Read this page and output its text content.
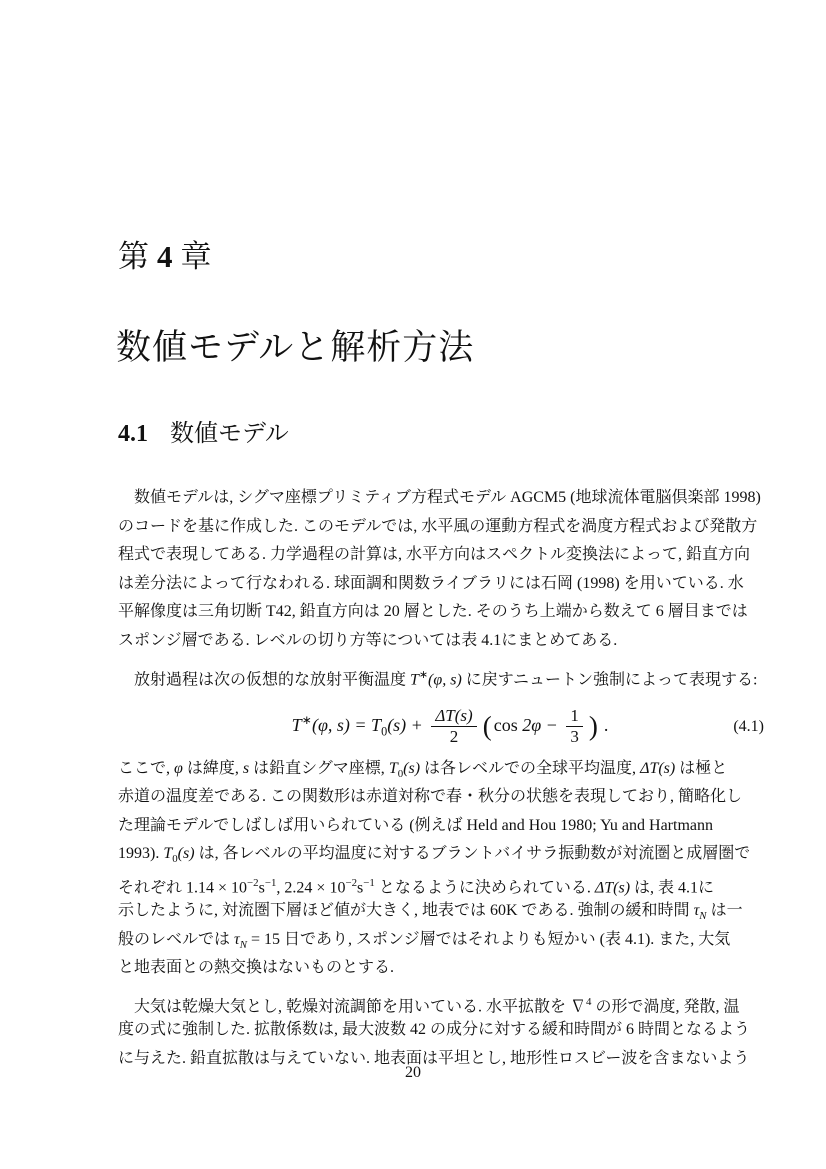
第 4 章
数値モデルと解析方法
4.1 数値モデル
数値モデルは, シグマ座標プリミティブ方程式モデル AGCM5 (地球流体電脳倶楽部 1998)
のコードを基に作成した. このモデルでは, 水平風の運動方程式を渦度方程式および発散方
程式で表現してある. 力学過程の計算は, 水平方向はスペクトル変換法によって, 鉛直方向
は差分法によって行なわれる. 球面調和関数ライブラリには石岡 (1998) を用いている. 水
平解像度は三角切断 T42, 鉛直方向は 20 層とした. そのうち上端から数えて 6 層目までは
スポンジ層である. レベルの切り方等については表 4.1にまとめてある.
放射過程は次の仮想的な放射平衡温度 T∗(φ, s) に戻すニュートン強制によって表現する:
T∗(φ, $s) = T_0(s) + \frac{\Delta T(s)}{2}$ ( $\cos 2\varphi - \frac{1}{3}$ ) .	(4.1)
ここで, φ は緯度, s は鉛直シグマ座標, $T_0(s)$ は各レベルでの全球平均温度, ΔT(s) は極と
赤道の温度差である. この関数形は赤道対称で春・秋分の状態を表現しており, 簡略化し
た理論モデルでしばしば用いられている (例えば Held and Hou 1980; Yu and Hartmann
1993). $T_0(s)$ は, 各レベルの平均温度に対するブラントバイサラ振動数が対流圏と成層圏で
それぞれ $1.14 \times 10^{-2}s^{-1}$, $2.24 \times 10^{-2}s^{-1}$ となるように決められている. ΔT(s) は, 表 4.1に
示したように, 対流圏下層ほど値が大きく, 地表では 60K である. 強制の緩和時間 $\tau_N$ は一
般のレベルでは $\tau_N = 15$ 日であり, スポンジ層ではそれよりも短かい (表 4.1). また, 大気
と地表面との熱交換はないものとする.
大気は乾燥大気とし, 乾燥対流調節を用いている. 水平拡散を ∇$^4$ の形で渦度, 発散, 温
度の式に強制した. 拡散係数は, 最大波数 42 の成分に対する緩和時間が 6 時間となるよう
に与えた. 鉛直拡散は与えていない. 地表面は平坦とし, 地形性ロスビー波を含まないよう
20
